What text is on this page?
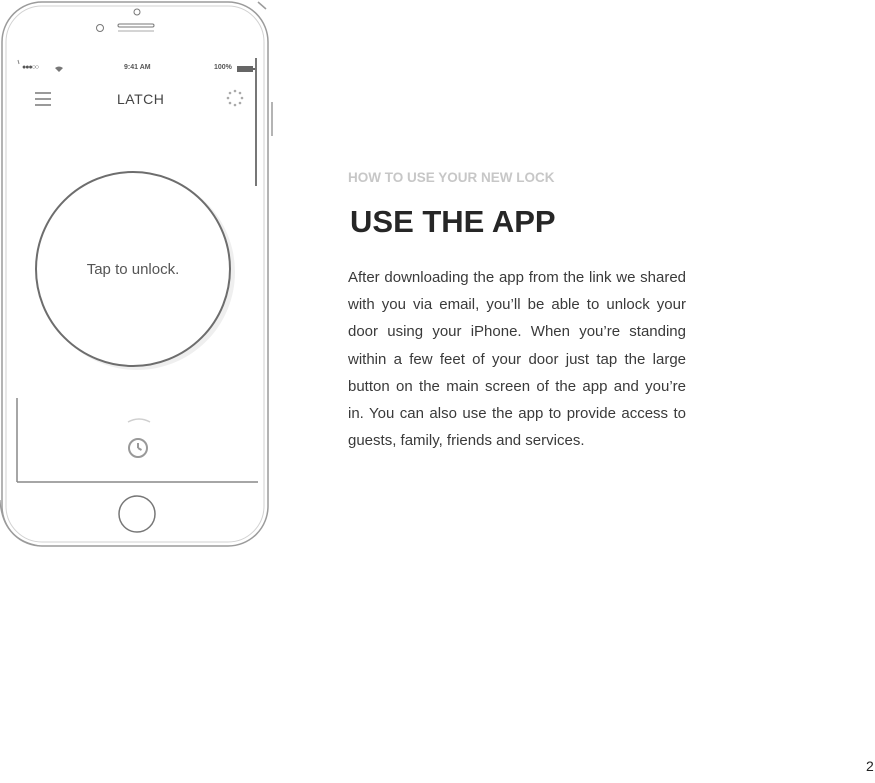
●●●○○	9:41 AM	100%
LATCH
Tap to unlock.
HOW TO USE YOUR NEW LOCK
USE THE APP

After downloading the app from the link we shared with you via email, you’ll be able to unlock your door using your iPhone. When you’re standing within a few feet of your door just tap the large button on the main screen of the app and you’re in. You can also use the app to provide access to guests, family, friends and services.

2
